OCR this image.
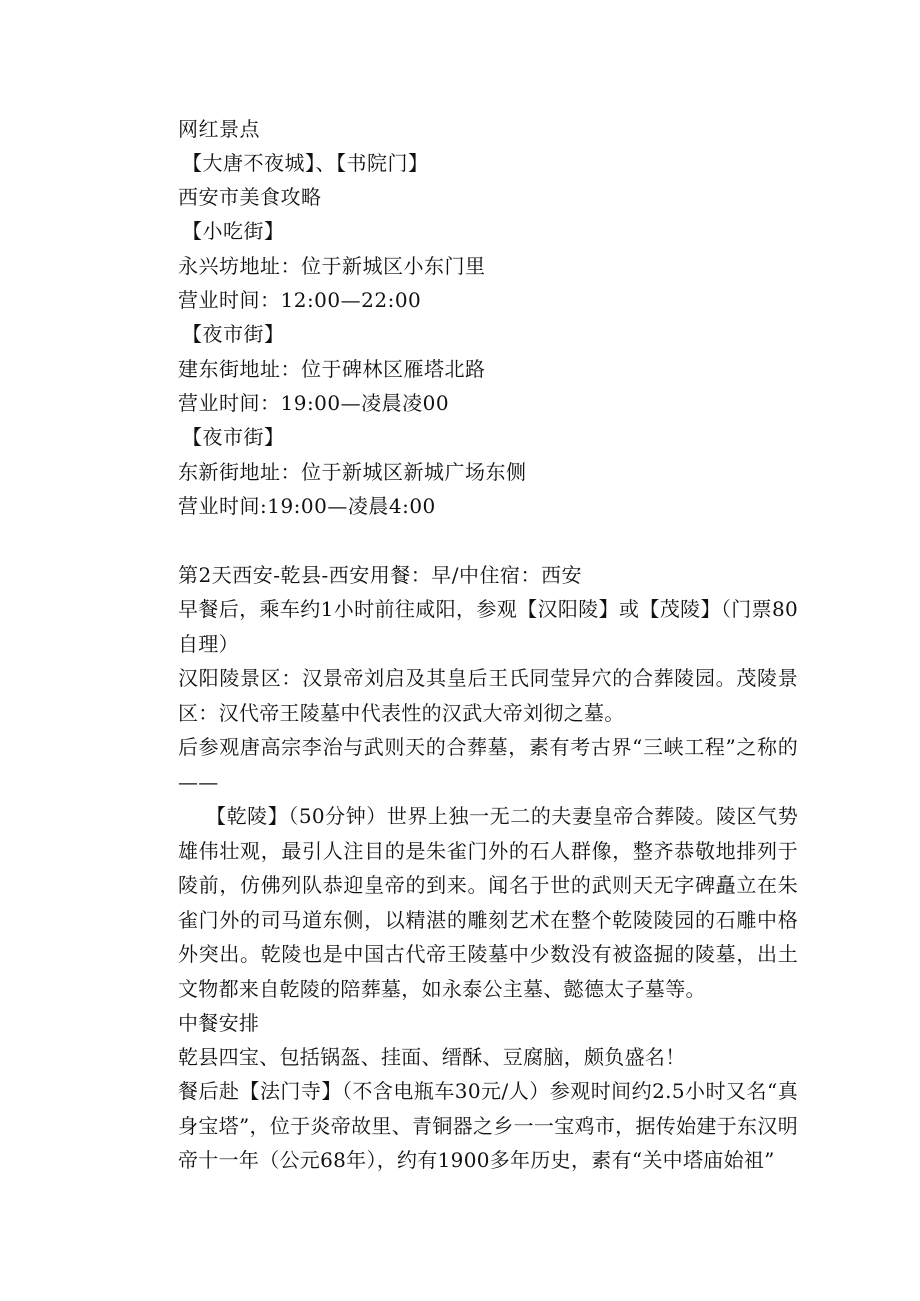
网红景点
【大唐不夜城】、【书院门】
西安市美食攻略
【小吃街】
永兴坊地址：位于新城区小东门里
营业时间：12:00—22:00
【夜市街】
建东街地址：位于碑林区雁塔北路
营业时间：19:00—凌晨凌00
【夜市街】
东新街地址：位于新城区新城广场东侧
营业时间:19:00—凌晨4:00
第2天西安-乾县-西安用餐：早/中住宿：西安
早餐后，乘车约1小时前往咸阳，参观【汉阳陵】或【茂陵】（门票80自理）
汉阳陵景区：汉景帝刘启及其皇后王氏同莹异穴的合葬陵园。茂陵景区：汉代帝王陵墓中代表性的汉武大帝刘彻之墓。
后参观唐高宗李治与武则天的合葬墓，素有考古界“三峡工程”之称的——
【乾陵】（50分钟）世界上独一无二的夫妻皇帝合葬陵。陵区气势雄伟壮观，最引人注目的是朱雀门外的石人群像，整齐恭敬地排列于陵前，仿佛列队恭迎皇帝的到来。闻名于世的武则天无字碑矗立在朱雀门外的司马道东侧，以精湛的雕刻艺术在整个乾陵陵园的石雕中格外突出。乾陵也是中国古代帝王陵墓中少数没有被盗掘的陵墓，出土文物都来自乾陵的陪葬墓，如永泰公主墓、懿德太子墓等。
中餐安排
乾县四宝、包括锅盔、挂面、缙酥、豆腐脑，颇负盛名！
餐后赴【法门寺】（不含电瓶车30元/人）参观时间约2.5小时又名“真身宝塔”，位于炎帝故里、青铜器之乡一一宝鸡市，据传始建于东汉明帝十一年（公元68年），约有1900多年历史，素有“关中塔庙始祖”
